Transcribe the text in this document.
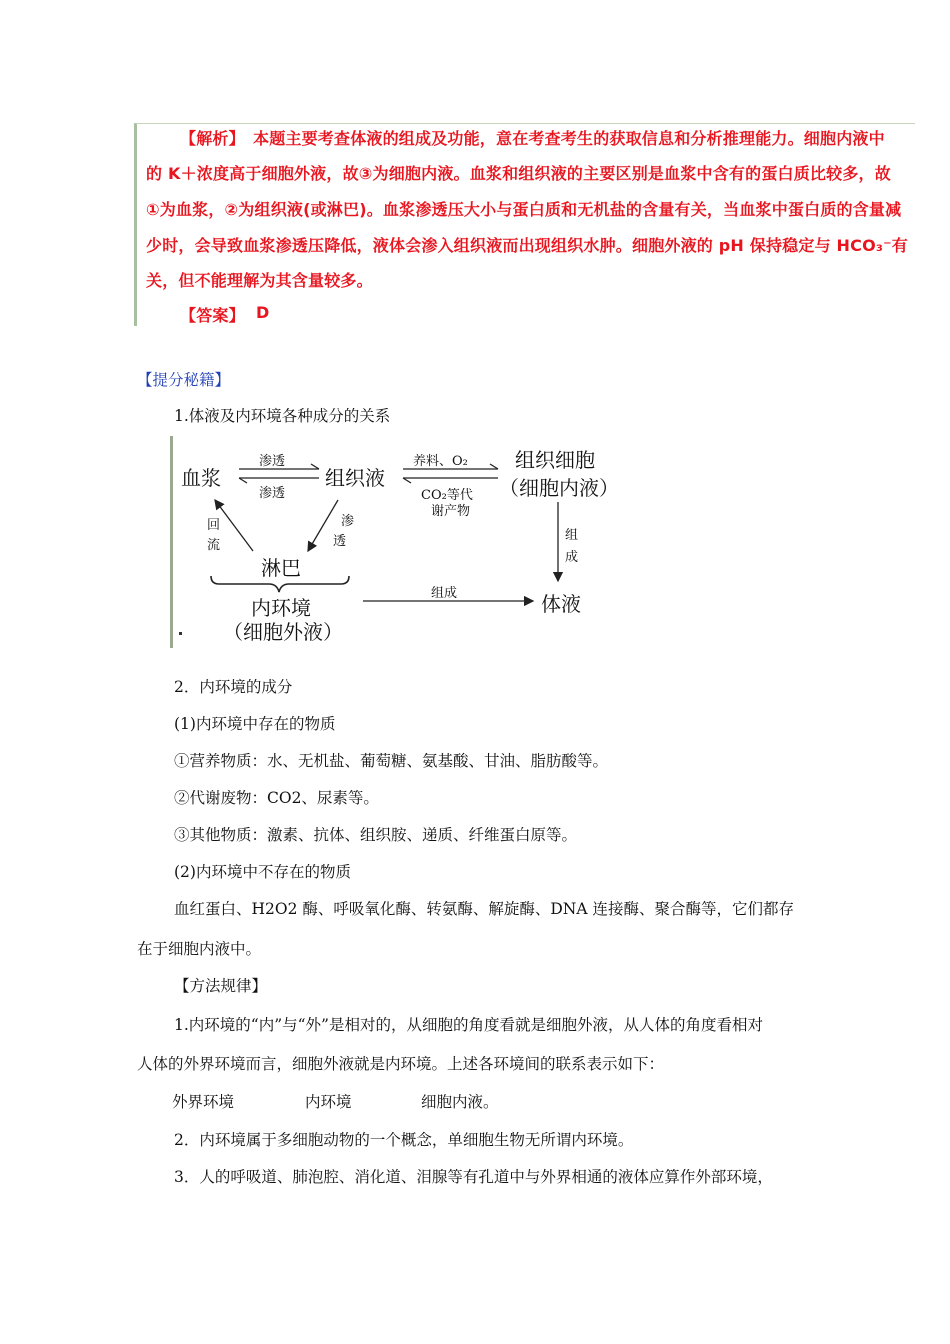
【解析】　本题主要考查体液的组成及功能，意在考查考生的获取信息和分析推理能力。细胞内液中
的 K＋浓度高于细胞外液，故③为细胞内液。血浆和组织液的主要区别是血浆中含有的蛋白质比较多，故
①为血浆，②为组织液(或淋巴)。血浆渗透压大小与蛋白质和无机盐的含量有关，当血浆中蛋白质的含量减
少时，会导致血浆渗透压降低，液体会渗入组织液而出现组织水肿。细胞外液的 pH 保持稳定与 HCO₃⁻有
关，但不能理解为其含量较多。
【答案】 D
【提分秘籍】
1.体液及内环境各种成分的关系
血浆
渗透
渗透
组织液
养料、O₂
CO₂等代
谢产物
组织细胞
（细胞内液）
回
流
渗
透	组
成
淋巴
内环境
（细胞外液）
组成	体液
2．内环境的成分
(1)内环境中存在的物质
①营养物质：水、无机盐、葡萄糖、氨基酸、甘油、脂肪酸等。
②代谢废物：CO2、尿素等。
③其他物质：激素、抗体、组织胺、递质、纤维蛋白原等。
(2)内环境中不存在的物质
血红蛋白、H2O2 酶、呼吸氧化酶、转氨酶、解旋酶、DNA 连接酶、聚合酶等，它们都存
在于细胞内液中。
【方法规律】
1.内环境的“内”与“外”是相对的，从细胞的角度看就是细胞外液，从人体的角度看相对
人体的外界环境而言，细胞外液就是内环境。上述各环境间的联系表示如下：
外界环境	内环境	细胞内液。
2．内环境属于多细胞动物的一个概念，单细胞生物无所谓内环境。
3．人的呼吸道、肺泡腔、消化道、泪腺等有孔道中与外界相通的液体应算作外部环境，
